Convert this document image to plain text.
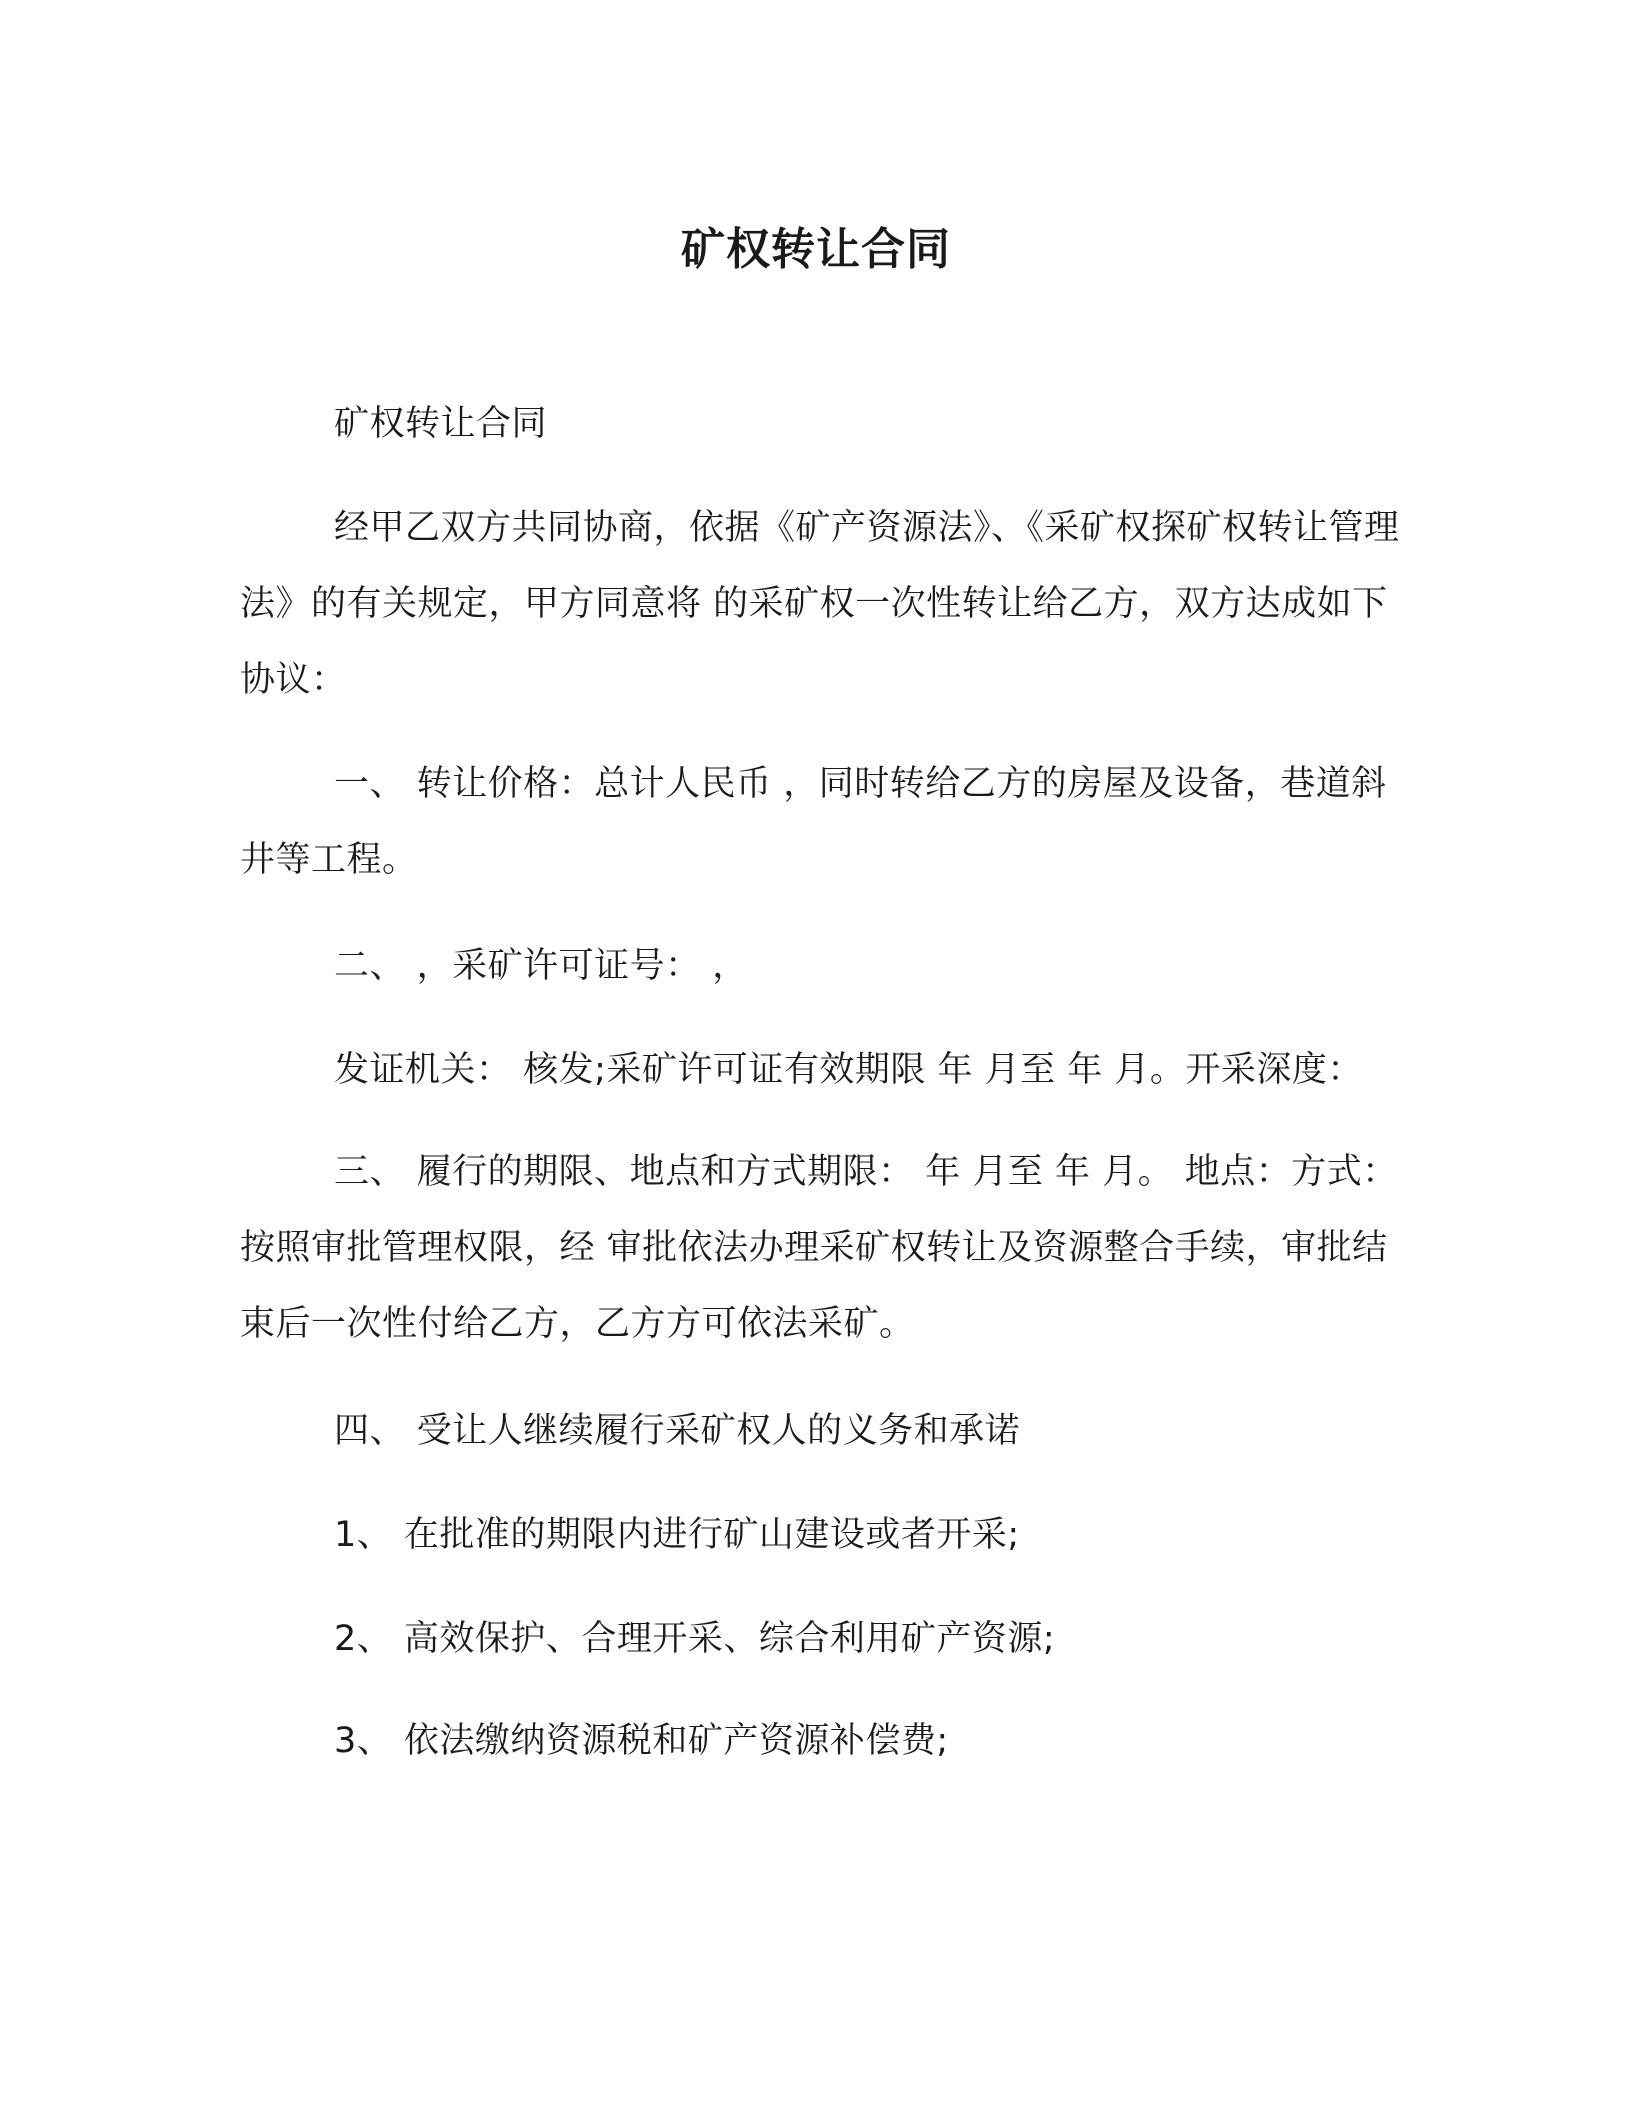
矿权转让合同

矿权转让合同

经甲乙双方共同协商，依据《矿产资源法》、《采矿权探矿权转让管理法》的有关规定，甲方同意将 的采矿权一次性转让给乙方，双方达成如下协议：

一、 转让价格：总计人民币 ，同时转给乙方的房屋及设备，巷道斜井等工程。

二、 ，采矿许可证号： ，

发证机关： 核发;采矿许可证有效期限 年 月至 年 月。开采深度：

三、 履行的期限、地点和方式期限： 年 月至 年 月。 地点：方式：按照审批管理权限，经 审批依法办理采矿权转让及资源整合手续，审批结束后一次性付给乙方，乙方方可依法采矿。

四、 受让人继续履行采矿权人的义务和承诺

1、 在批准的期限内进行矿山建设或者开采;

2、 高效保护、合理开采、综合利用矿产资源;

3、 依法缴纳资源税和矿产资源补偿费;
